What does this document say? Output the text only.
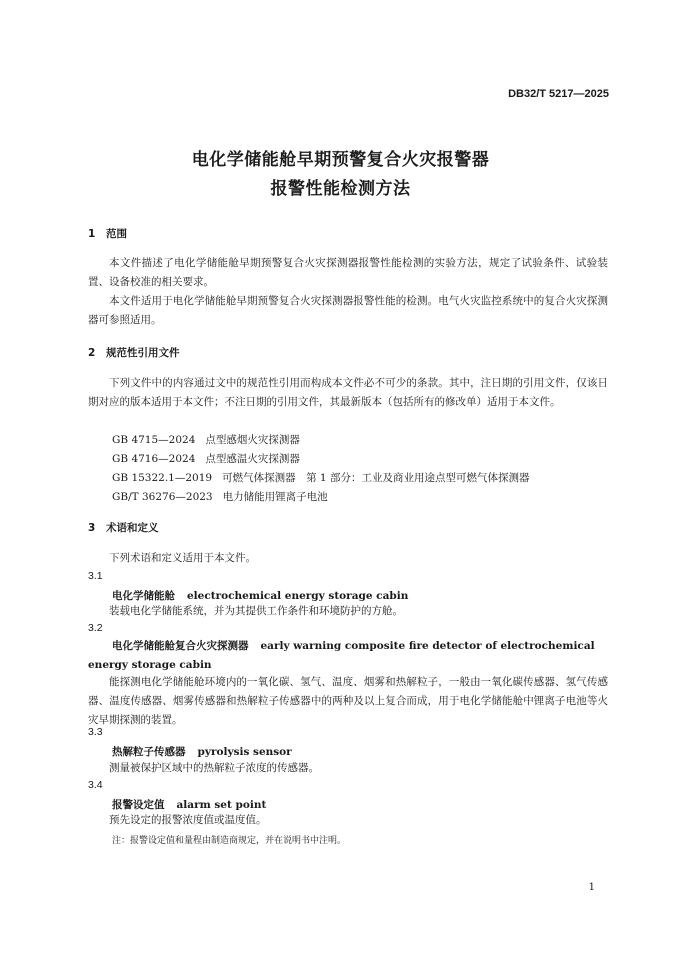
DB32/T 5217—2025
电化学储能舱早期预警复合火灾报警器
报警性能检测方法
1 范围

本文件描述了电化学储能舱早期预警复合火灾探测器报警性能检测的实验方法，规定了试验条件、试验装置、设备校准的相关要求。

本文件适用于电化学储能舱早期预警复合火灾探测器报警性能的检测。电气火灾监控系统中的复合火灾探测器可参照适用。

2 规范性引用文件

下列文件中的内容通过文中的规范性引用而构成本文件必不可少的条款。其中，注日期的引用文件，仅该日期对应的版本适用于本文件；不注日期的引用文件，其最新版本（包括所有的修改单）适用于本文件。

GB 4715—2024 点型感烟火灾探测器
GB 4716—2024 点型感温火灾探测器
GB 15322.1—2019 可燃气体探测器　第 1 部分：工业及商业用途点型可燃气体探测器
GB/T 36276—2023 电力储能用锂离子电池
3 术语和定义
下列术语和定义适用于本文件。
3.1
电化学储能舱 electrochemical energy storage cabin

装载电化学储能系统，并为其提供工作条件和环境防护的方舱。

3.2

电化学储能舱复合火灾探测器 early warning composite fire detector of electrochemical energy storage cabin

能探测电化学储能舱环境内的一氧化碳、氢气、温度、烟雾和热解粒子，一般由一氧化碳传感器、氢气传感器、温度传感器、烟雾传感器和热解粒子传感器中的两种及以上复合而成，用于电化学储能舱中锂离子电池等火灾早期探测的装置。

3.3
热解粒子传感器 pyrolysis sensor

测量被保护区域中的热解粒子浓度的传感器。

3.4
报警设定值 alarm set point

预先设定的报警浓度值或温度值。

注：报警设定值和量程由制造商规定，并在说明书中注明。
1
